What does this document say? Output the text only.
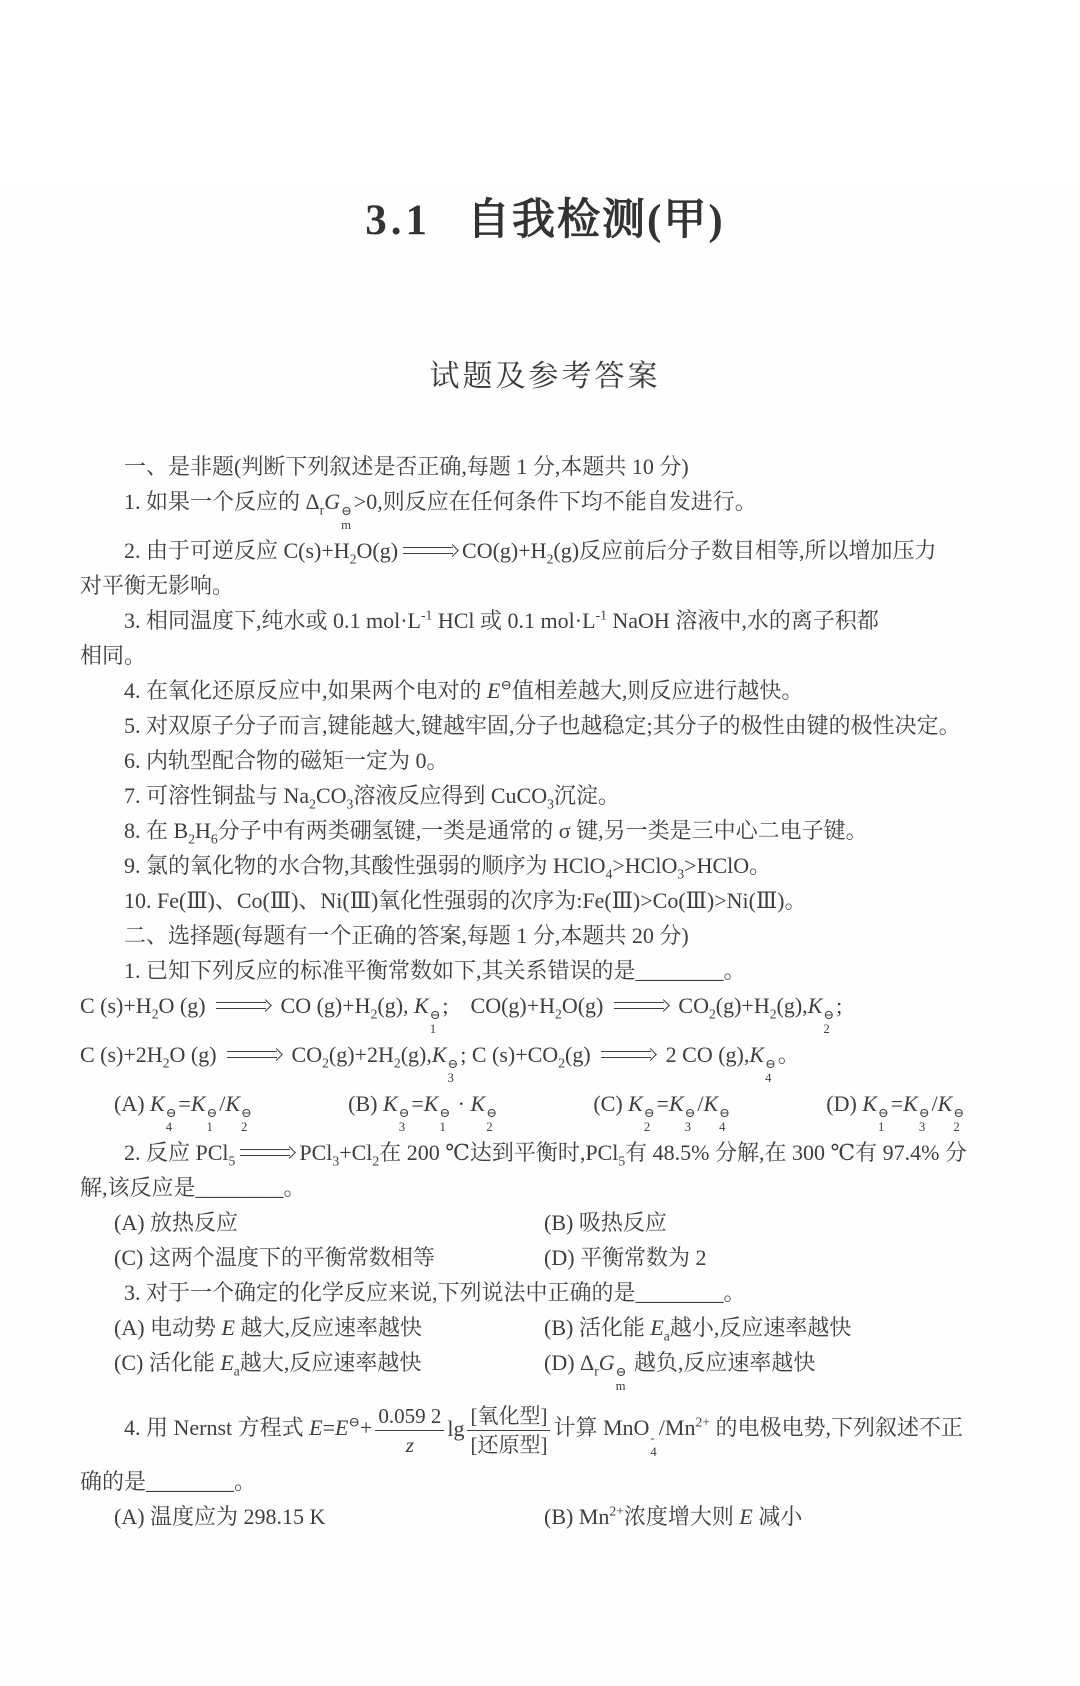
3.1 自我检测(甲)
试题及参考答案

一、是非题(判断下列叙述是否正确,每题 1 分,本题共 10 分)

1. 如果一个反应的 $\Delta_rG$ ⊖
m
>0,则反应在任何条件下均不能自发进行。

2. 由于可逆反应 $C(s)+H_2O(g)$	$CO(g)+H_2(g)$反应前后分子数目相等,所以增加压力

对平衡无影响。

3. 相同温度下,纯水或 0.1 $mol\cdot L^{-1}$ HCl 或 0.1 $mol\cdot L^{-1}$ NaOH 溶液中,水的离子积都

相同。

4. 在氧化还原反应中,如果两个电对的 E⊖值相差越大,则反应进行越快。

5. 对双原子分子而言,键能越大,键越牢固,分子也越稳定;其分子的极性由键的极性决定。

6. 内轨型配合物的磁矩一定为 0。

7. 可溶性铜盐与 $Na_2CO_3$溶液反应得到 CuCO$_3$沉淀。

8. 在 $B_2H_6$分子中有两类硼氢键,一类是通常的 σ 键,另一类是三中心二电子键。

9. 氯的氧化物的水合物,其酸性强弱的顺序为 HClO$_4$>HClO$_3$>HClO。

10. Fe(Ⅲ)、Co(Ⅲ)、Ni(Ⅲ)氧化性强弱的次序为:Fe(Ⅲ)>Co(Ⅲ)>Ni(Ⅲ)。

二、选择题(每题有一个正确的答案,每题 1 分,本题共 20 分)

1. 已知下列反应的标准平衡常数如下,其关系错误的是________。

C $(s)+H_2O$ (g)	CO $(g)+H_2(g)$, K ⊖
1
; $CO(g)+H_2O(g)$	$CO_2(g)+H_2(g),K$ ⊖
2
;

C $(s)+2H_2O$ (g)	$CO_2(g)+2H_2(g),K$ ⊖
3
; C $(s)+CO_2(g)$	2 CO (g),K ⊖
4
。

(A) K ⊖
4
=K ⊖
1
/K ⊖
2
(B) K ⊖
3
=K ⊖
1
· K ⊖
2
(C) K ⊖
2
=K ⊖
3
/K ⊖
4
(D) K ⊖
1
=K ⊖
3
/K ⊖
2

2. 反应 PCl$_5$	$PCl_3+Cl_2$在 200 ℃达到平衡时,PCl$_5$有 48.5% 分解,在 300 ℃有 97.4% 分

解,该反应是________。

(A) 放热反应	(B) 吸热反应
(C) 这两个温度下的平衡常数相等	(D) 平衡常数为 2

3. 对于一个确定的化学反应来说,下列说法中正确的是________。

(A) 电动势 E 越大,反应速率越快	(B) 活化能 $E_a$越小,反应速率越快
(C) 活化能 $E_a$越大,反应速率越快	(D) $\Delta_rG$ ⊖
m
越负,反应速率越快

4. 用 Nernst 方程式 $E=E^⊖+ \frac{0.059 2}{z}$ $\lg \frac{\text{[氧化型]}}{\text{[还原型]}}$ 计算 MnO -
4
$/Mn^{2+}$ 的电极电势,下列叙述不正

确的是________。

(A) 温度应为 298.15 K	(B) $Mn^{2+}$浓度增大则 E 减小
